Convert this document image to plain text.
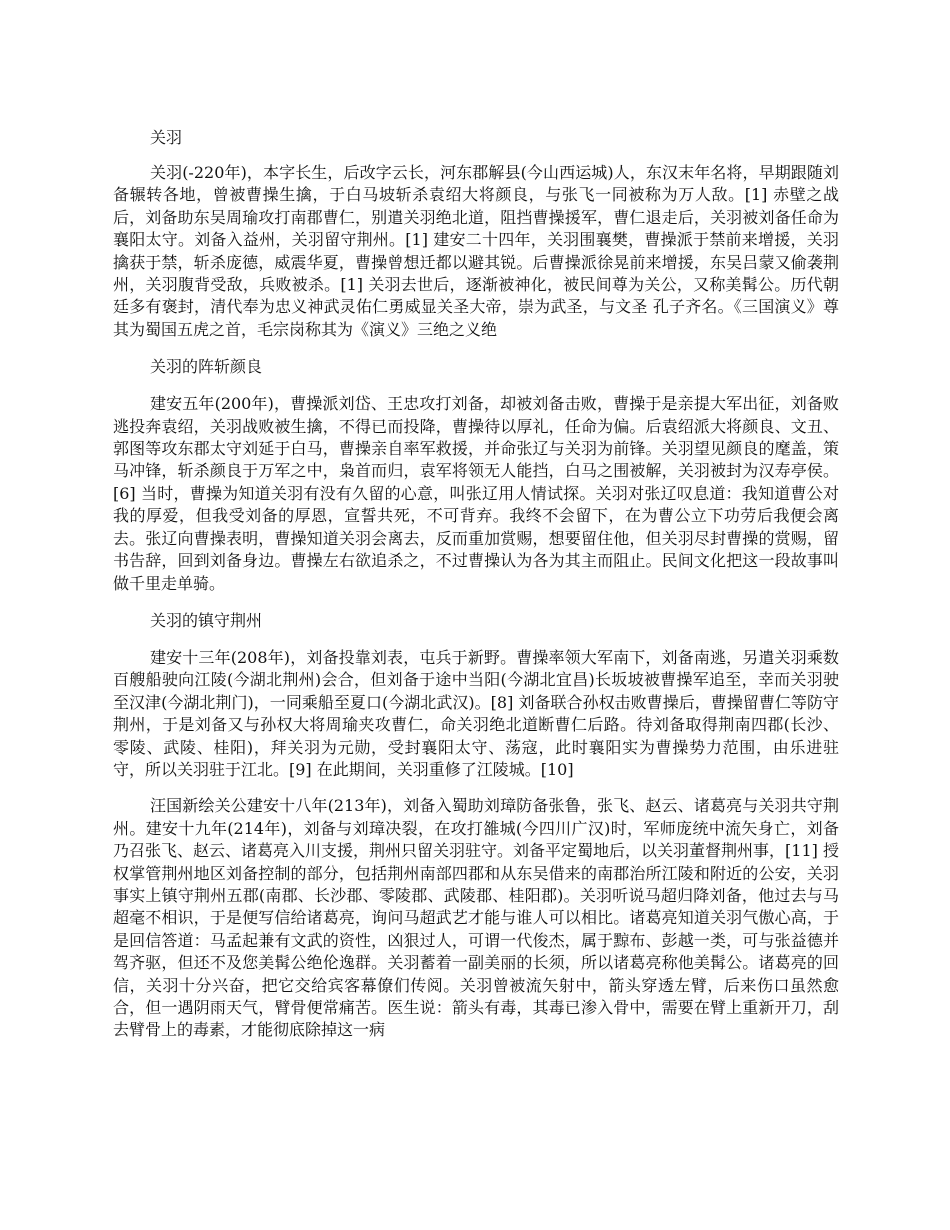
关羽

关羽(-220年)，本字长生，后改字云长，河东郡解县(今山西运城)人，东汉末年名将，早期跟随刘备辗转各地，曾被曹操生擒，于白马坡斩杀袁绍大将颜良，与张飞一同被称为万人敌。[1] 赤壁之战后，刘备助东吴周瑜攻打南郡曹仁，别遣关羽绝北道，阻挡曹操援军，曹仁退走后，关羽被刘备任命为襄阳太守。刘备入益州，关羽留守荆州。[1] 建安二十四年，关羽围襄樊，曹操派于禁前来增援，关羽擒获于禁，斩杀庞德，威震华夏，曹操曾想迁都以避其锐。后曹操派徐晃前来增援，东吴吕蒙又偷袭荆州，关羽腹背受敌，兵败被杀。[1] 关羽去世后，逐渐被神化，被民间尊为关公，又称美髯公。历代朝廷多有褒封，清代奉为忠义神武灵佑仁勇威显关圣大帝，崇为武圣，与文圣 孔子齐名。《三国演义》尊其为蜀国五虎之首，毛宗岗称其为《演义》三绝之义绝

关羽的阵斩颜良

建安五年(200年)，曹操派刘岱、王忠攻打刘备，却被刘备击败，曹操于是亲提大军出征，刘备败逃投奔袁绍，关羽战败被生擒，不得已而投降，曹操待以厚礼，任命为偏。后袁绍派大将颜良、文丑、郭图等攻东郡太守刘延于白马，曹操亲自率军救援，并命张辽与关羽为前锋。关羽望见颜良的麾盖，策马冲锋，斩杀颜良于万军之中，枭首而归，袁军将领无人能挡，白马之围被解，关羽被封为汉寿亭侯。[6] 当时，曹操为知道关羽有没有久留的心意，叫张辽用人情试探。关羽对张辽叹息道：我知道曹公对我的厚爱，但我受刘备的厚恩，宣誓共死，不可背弃。我终不会留下，在为曹公立下功劳后我便会离去。张辽向曹操表明，曹操知道关羽会离去，反而重加赏赐，想要留住他，但关羽尽封曹操的赏赐，留书告辞，回到刘备身边。曹操左右欲追杀之，不过曹操认为各为其主而阻止。民间文化把这一段故事叫做千里走单骑。

关羽的镇守荆州

建安十三年(208年)，刘备投靠刘表，屯兵于新野。曹操率领大军南下，刘备南逃，另遣关羽乘数百艘船驶向江陵(今湖北荆州)会合，但刘备于途中当阳(今湖北宜昌)长坂坡被曹操军追至，幸而关羽驶至汉津(今湖北荆门)，一同乘船至夏口(今湖北武汉)。[8] 刘备联合孙权击败曹操后，曹操留曹仁等防守荆州，于是刘备又与孙权大将周瑜夹攻曹仁，命关羽绝北道断曹仁后路。待刘备取得荆南四郡(长沙、零陵、武陵、桂阳)，拜关羽为元勋，受封襄阳太守、荡寇，此时襄阳实为曹操势力范围，由乐进驻守，所以关羽驻于江北。[9] 在此期间，关羽重修了江陵城。[10]

汪国新绘关公建安十八年(213年)，刘备入蜀助刘璋防备张鲁，张飞、赵云、诸葛亮与关羽共守荆州。建安十九年(214年)，刘备与刘璋决裂，在攻打雒城(今四川广汉)时，军师庞统中流矢身亡，刘备乃召张飞、赵云、诸葛亮入川支援，荆州只留关羽驻守。刘备平定蜀地后，以关羽董督荆州事，[11] 授权掌管荆州地区刘备控制的部分，包括荆州南部四郡和从东吴借来的南郡治所江陵和附近的公安，关羽事实上镇守荆州五郡(南郡、长沙郡、零陵郡、武陵郡、桂阳郡)。关羽听说马超归降刘备，他过去与马超毫不相识，于是便写信给诸葛亮，询问马超武艺才能与谁人可以相比。诸葛亮知道关羽气傲心高，于是回信答道：马孟起兼有文武的资性，凶狠过人，可谓一代俊杰，属于黥布、彭越一类，可与张益德并驾齐驱，但还不及您美髯公绝伦逸群。关羽蓄着一副美丽的长须，所以诸葛亮称他美髯公。诸葛亮的回信，关羽十分兴奋，把它交给宾客幕僚们传阅。关羽曾被流矢射中，箭头穿透左臂，后来伤口虽然愈合，但一遇阴雨天气，臂骨便常痛苦。医生说：箭头有毒，其毒已渗入骨中，需要在臂上重新开刀，刮去臂骨上的毒素，才能彻底除掉这一病
